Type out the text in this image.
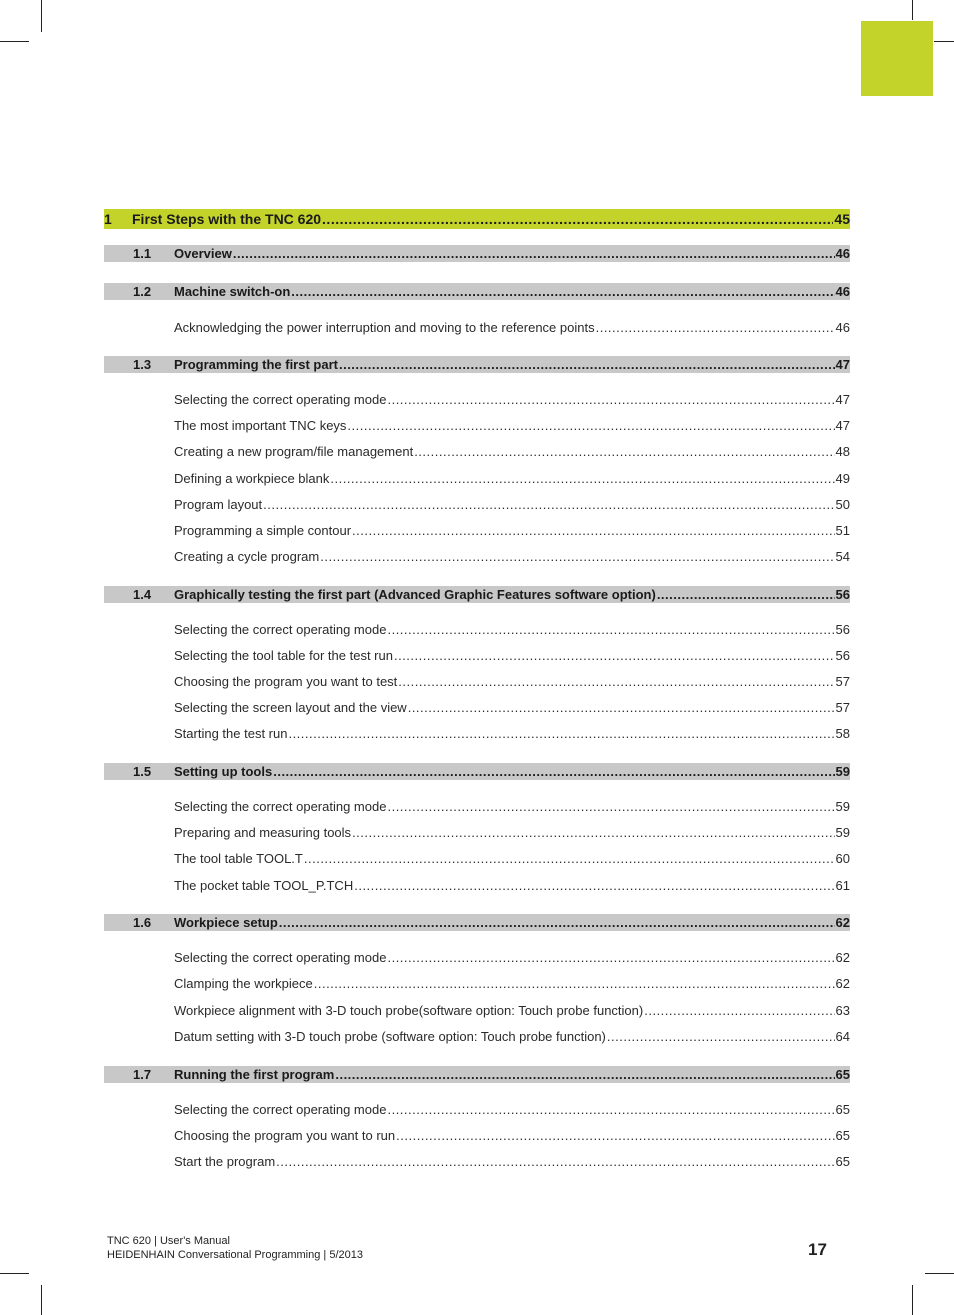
1	First Steps with the TNC 620 .....	45
1.1	Overview .....	46
1.2	Machine switch-on .....	46
Acknowledging the power interruption and moving to the reference points .....	46
1.3	Programming the first part .....	47
Selecting the correct operating mode .....	47
The most important TNC keys .....	47
Creating a new program/file management .....	48
Defining a workpiece blank .....	49
Program layout .....	50
Programming a simple contour .....	51
Creating a cycle program .....	54
1.4	Graphically testing the first part (Advanced Graphic Features software option) .....	56
Selecting the correct operating mode .....	56
Selecting the tool table for the test run .....	56
Choosing the program you want to test .....	57
Selecting the screen layout and the view .....	57
Starting the test run .....	58
1.5	Setting up tools .....	59
Selecting the correct operating mode .....	59
Preparing and measuring tools .....	59
The tool table TOOL.T .....	60
The pocket table TOOL_P.TCH .....	61
1.6	Workpiece setup .....	62
Selecting the correct operating mode .....	62
Clamping the workpiece .....	62
Workpiece alignment with 3-D touch probe(software option: Touch probe function) .....	63
Datum setting with 3-D touch probe (software option: Touch probe function) .....	64
1.7	Running the first program .....	65
Selecting the correct operating mode .....	65
Choosing the program you want to run .....	65
Start the program .....	65
TNC 620 | User's Manual
HEIDENHAIN Conversational Programming | 5/2013	17
